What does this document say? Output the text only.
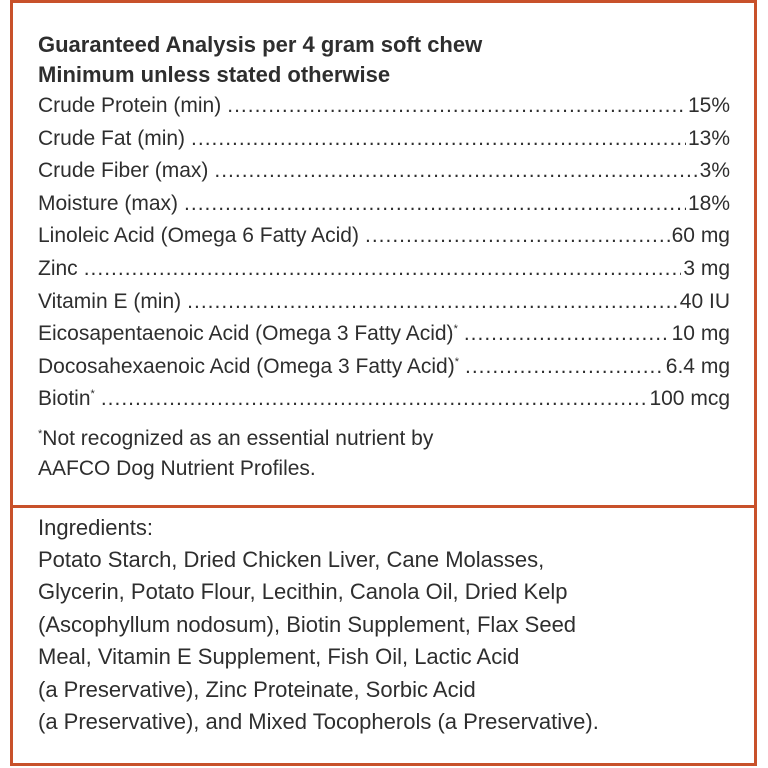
Guaranteed Analysis per 4 gram soft chew

Minimum unless stated otherwise

Crude Protein (min) .....	15%
Crude Fat (min) .....	13%
Crude Fiber (max) .....	3%
Moisture (max) .....	18%
Linoleic Acid (Omega 6 Fatty Acid) .....	60 mg
Zinc .....	3 mg
Vitamin E (min) .....	40 IU
Eicosapentaenoic Acid (Omega 3 Fatty Acid)* .....	10 mg
Docosahexaenoic Acid (Omega 3 Fatty Acid)* .....	6.4 mg
Biotin* .....	100 mcg
*Not recognized as an essential nutrient by
AAFCO Dog Nutrient Profiles.

Ingredients:

Potato Starch, Dried Chicken Liver, Cane Molasses,

Glycerin, Potato Flour, Lecithin, Canola Oil, Dried Kelp

(Ascophyllum nodosum), Biotin Supplement, Flax Seed

Meal, Vitamin E Supplement, Fish Oil, Lactic Acid

(a Preservative), Zinc Proteinate, Sorbic Acid

(a Preservative), and Mixed Tocopherols (a Preservative).
